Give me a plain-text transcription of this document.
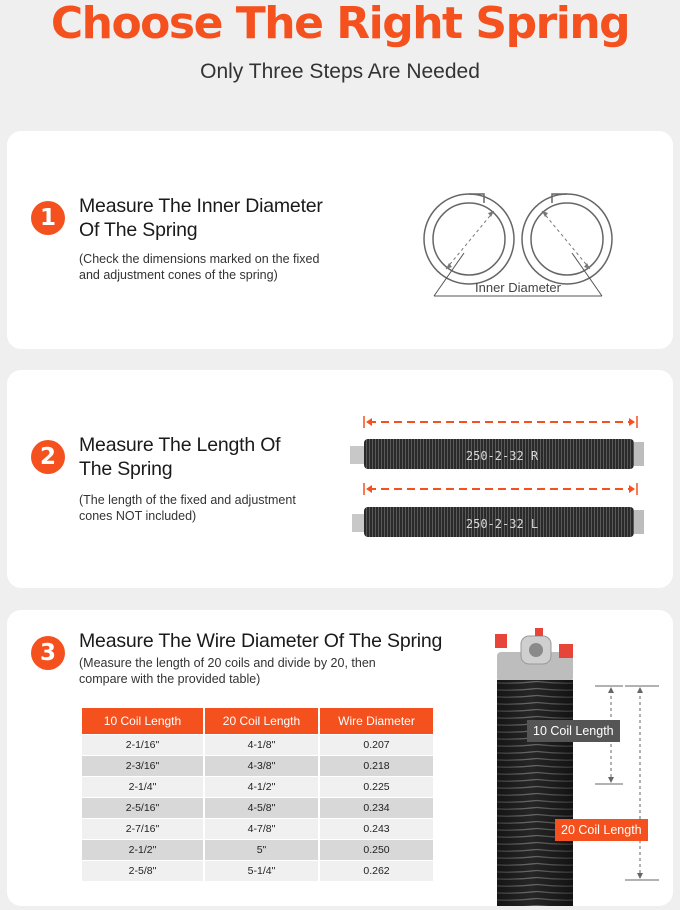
Choose The Right Spring

Only Three Steps Are Needed

1	Measure The Inner Diameter
Of The Spring
(Check the dimensions marked on the fixed
and adjustment cones of the spring)
Inner Diameter
2	Measure The Length Of
The Spring
(The length of the fixed and adjustment
cones NOT included)
250-2-32 R
250-2-32 L
3	Measure The Wire Diameter Of The Spring
(Measure the length of 20 coils and divide by 20, then
compare with the provided table)
10 Coil Length	20 Coil Length	Wire Diameter
2-1/16"	4-1/8"	0.207
2-3/16"	4-3/8"	0.218
2-1/4"	4-1/2"	0.225
2-5/16"	4-5/8"	0.234
2-7/16"	4-7/8"	0.243
2-1/2"	5"	0.250
2-5/8"	5-1/4"	0.262
10 Coil Length
20 Coil Length
